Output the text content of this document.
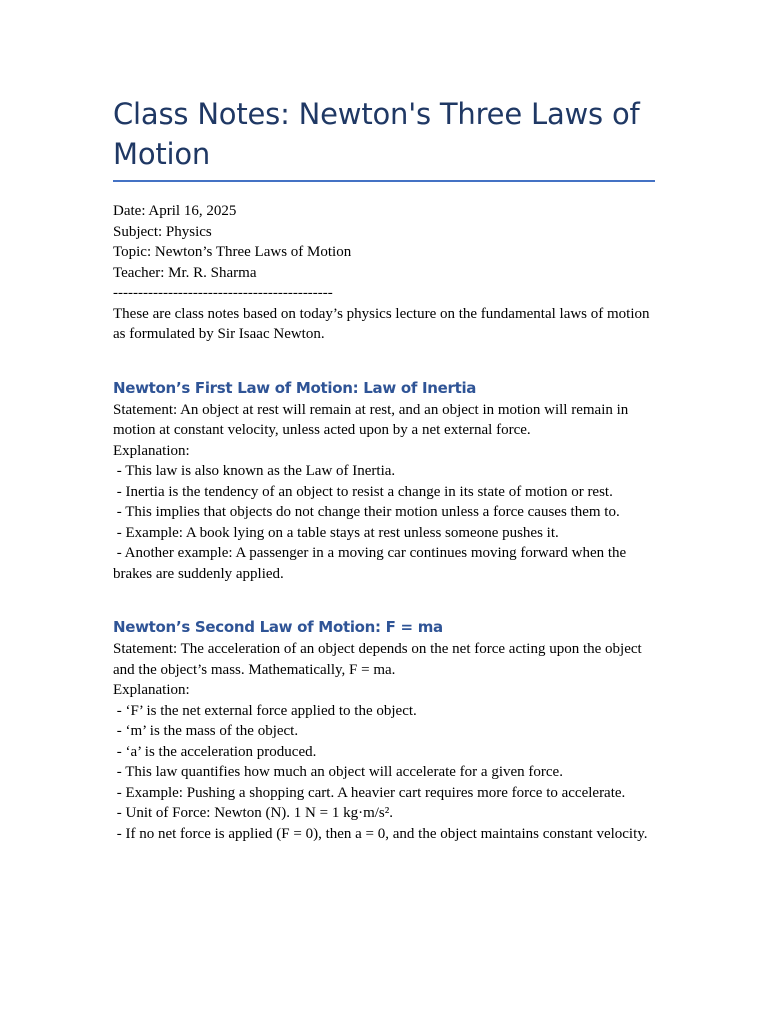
Class Notes: Newton's Three Laws of Motion
Date: April 16, 2025
Subject: Physics
Topic: Newton’s Three Laws of Motion
Teacher: Mr. R. Sharma
--------------------------------------------
These are class notes based on today’s physics lecture on the fundamental laws of motion as formulated by Sir Isaac Newton.
Newton’s First Law of Motion: Law of Inertia
Statement: An object at rest will remain at rest, and an object in motion will remain in motion at constant velocity, unless acted upon by a net external force.
Explanation:
- This law is also known as the Law of Inertia.
- Inertia is the tendency of an object to resist a change in its state of motion or rest.
- This implies that objects do not change their motion unless a force causes them to.
- Example: A book lying on a table stays at rest unless someone pushes it.
- Another example: A passenger in a moving car continues moving forward when the brakes are suddenly applied.
Newton’s Second Law of Motion: F = ma
Statement: The acceleration of an object depends on the net force acting upon the object and the object’s mass. Mathematically, F = ma.
Explanation:
- ‘F’ is the net external force applied to the object.
- ‘m’ is the mass of the object.
- ‘a’ is the acceleration produced.
- This law quantifies how much an object will accelerate for a given force.
- Example: Pushing a shopping cart. A heavier cart requires more force to accelerate.
- Unit of Force: Newton (N). 1 N = 1 kg·m/s².
- If no net force is applied (F = 0), then a = 0, and the object maintains constant velocity.
